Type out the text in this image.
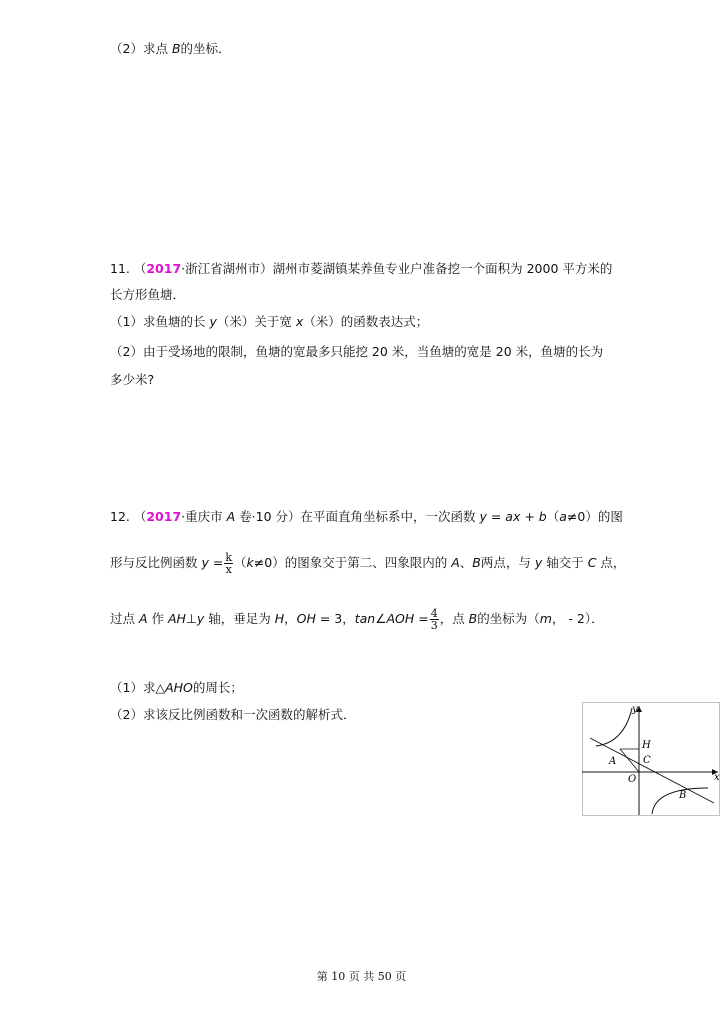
（2）求点 B的坐标．
11. （2017·浙江省湖州市）湖州市菱湖镇某养鱼专业户准备挖一个面积为 2000 平方米的
长方形鱼塘．
（1）求鱼塘的长 y（米）关于宽 x（米）的函数表达式；
（2）由于受场地的限制，鱼塘的宽最多只能挖 20 米，当鱼塘的宽是 20 米，鱼塘的长为
多少米?
12. （2017·重庆市 A 卷·10 分）在平面直角坐标系中，一次函数 y = ax + b（a≠0）的图
形与反比例函数 $y = \frac{k}{x} (k\ne 0)$的图象交于第二、四象限内的 A、B两点，与 y 轴交于 C 点，
过点 A 作 AH⊥y 轴，垂足为 H，OH = 3，tan∠AOH = $\frac{4}{3}$ ，点 B的坐标为（m， - 2）．
（1）求△AHO的周长；
（2）求该反比例函数和一次函数的解析式．	y
x
H
C
A
O
B
第 10 页 共 50 页
